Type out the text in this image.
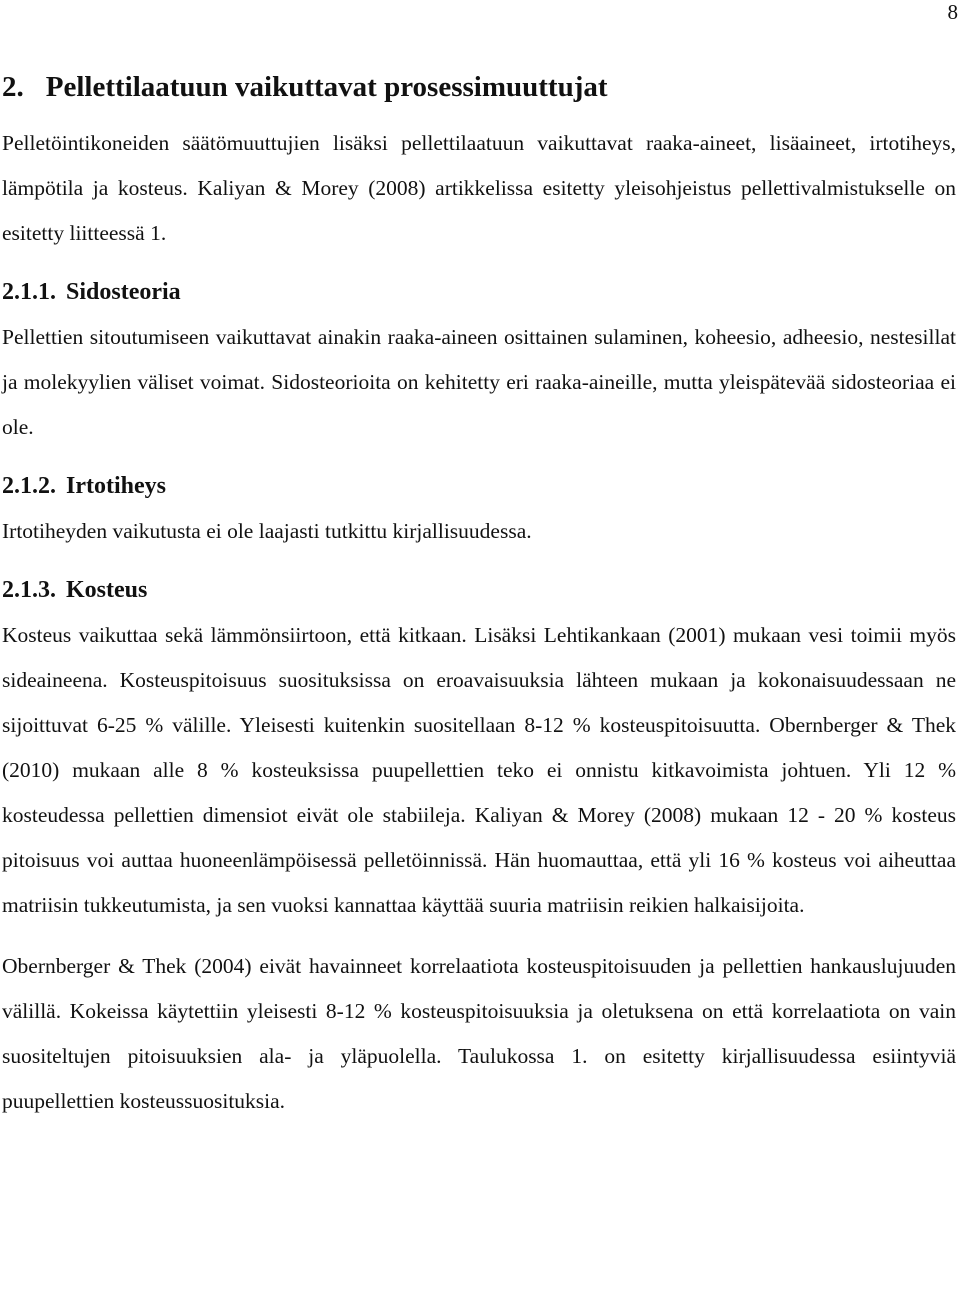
8
2. Pellettilaatuun vaikuttavat prosessimuuttujat

Pelletöintikoneiden säätömuuttujien lisäksi pellettilaatuun vaikuttavat raaka-aineet, lisäaineet, irtotiheys, lämpötila ja kosteus. Kaliyan & Morey (2008) artikkelissa esitetty yleisohjeistus pellettivalmistukselle on esitetty liitteessä 1.

2.1.1. Sidosteoria

Pellettien sitoutumiseen vaikuttavat ainakin raaka-aineen osittainen sulaminen, koheesio, adheesio, nestesillat ja molekyylien väliset voimat. Sidosteorioita on kehitetty eri raaka-aineille, mutta yleispätevää sidosteoriaa ei ole.

2.1.2. Irtotiheys

Irtotiheyden vaikutusta ei ole laajasti tutkittu kirjallisuudessa.

2.1.3. Kosteus

Kosteus vaikuttaa sekä lämmönsiirtoon, että kitkaan. Lisäksi Lehtikankaan (2001) mukaan vesi toimii myös sideaineena. Kosteuspitoisuus suosituksissa on eroavaisuuksia lähteen mukaan ja kokonaisuudessaan ne sijoittuvat 6-25 % välille. Yleisesti kuitenkin suositellaan 8-12 % kosteuspitoisuutta. Obernberger & Thek (2010) mukaan alle 8 % kosteuksissa puupellettien teko ei onnistu kitkavoimista johtuen. Yli 12 % kosteudessa pellettien dimensiot eivät ole stabiileja. Kaliyan & Morey (2008) mukaan 12 - 20 % kosteus pitoisuus voi auttaa huoneenlämpöisessä pelletöinnissä. Hän huomauttaa, että yli 16 % kosteus voi aiheuttaa matriisin tukkeutumista, ja sen vuoksi kannattaa käyttää suuria matriisin reikien halkaisijoita.

Obernberger & Thek (2004) eivät havainneet korrelaatiota kosteuspitoisuuden ja pellettien hankauslujuuden välillä. Kokeissa käytettiin yleisesti 8-12 % kosteuspitoisuuksia ja oletuksena on että korrelaatiota on vain suositeltujen pitoisuuksien ala- ja yläpuolella. Taulukossa 1. on esitetty kirjallisuudessa esiintyviä puupellettien kosteussuosituksia.
